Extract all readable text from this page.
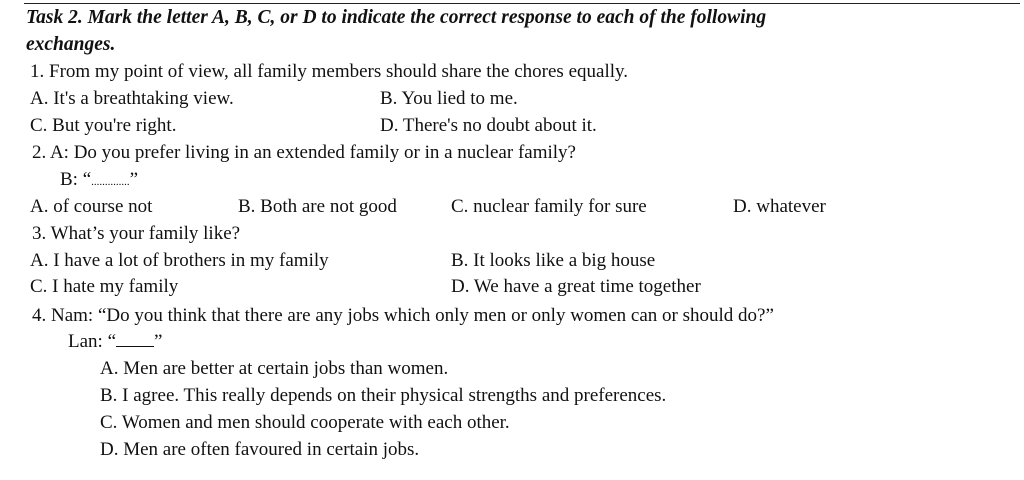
Task 2. Mark the letter A, B, C, or D to indicate the correct response to each of the following
exchanges.
1. From my point of view, all family members should share the chores equally.
A. It's a breathtaking view.	B. You lied to me.
C. But you're right.	D. There's no doubt about it.
2. A: Do you prefer living in an extended family or in a nuclear family?
B: “..............”
A. of course not	B. Both are not good	C. nuclear family for sure	D. whatever
3. What’s your family like?
A. I have a lot of brothers in my family	B. It looks like a big house
C. I hate my family	D. We have a great time together
4. Nam: “Do you think that there are any jobs which only men or only women can or should do?”
Lan: “ ”
A. Men are better at certain jobs than women.
B. I agree. This really depends on their physical strengths and preferences.
C. Women and men should cooperate with each other.
D. Men are often favoured in certain jobs.
